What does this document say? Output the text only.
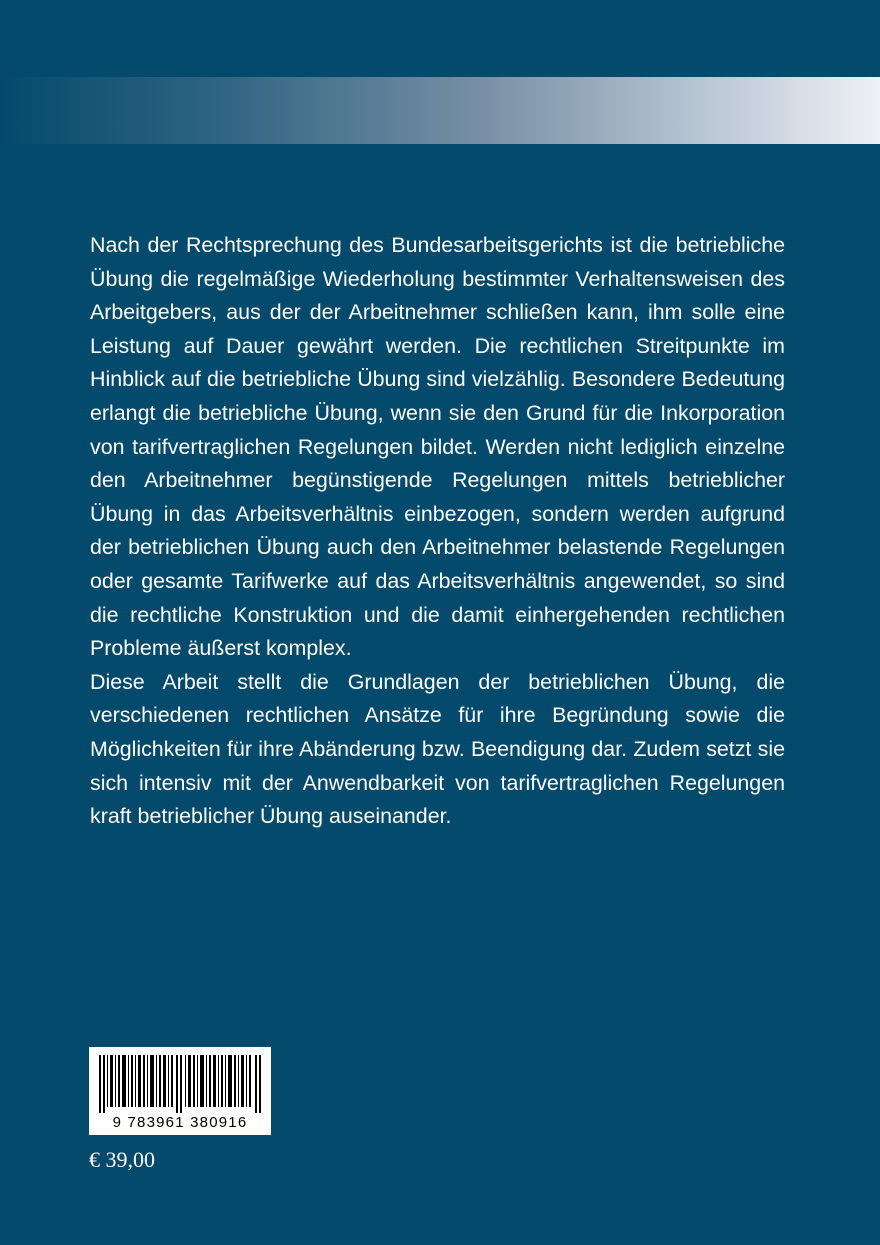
Nach der Rechtsprechung des Bundesarbeitsgerichts ist die betriebliche Übung die regelmäßige Wiederholung bestimmter Verhaltensweisen des Arbeitgebers, aus der der Arbeitnehmer schließen kann, ihm solle eine Leistung auf Dauer gewährt werden. Die rechtlichen Streitpunkte im Hinblick auf die betriebliche Übung sind vielzählig. Besondere Bedeutung erlangt die betriebliche Übung, wenn sie den Grund für die Inkorporation von tarifvertraglichen Regelungen bildet. Werden nicht lediglich einzelne den Arbeitnehmer begünstigende Regelungen mittels betrieblicher Übung in das Arbeitsverhältnis einbezogen, sondern werden aufgrund der betrieblichen Übung auch den Arbeitnehmer belastende Regelungen oder gesamte Tarifwerke auf das Arbeitsverhältnis angewendet, so sind die rechtliche Konstruktion und die damit einhergehenden rechtlichen Probleme äußerst komplex.

Diese Arbeit stellt die Grundlagen der betrieblichen Übung, die verschiedenen rechtlichen Ansätze für ihre Begründung sowie die Möglichkeiten für ihre Abänderung bzw. Beendigung dar. Zudem setzt sie sich intensiv mit der Anwendbarkeit von tarifvertraglichen Regelungen kraft betrieblicher Übung auseinander.

9 783961 380916
€ 39,00
